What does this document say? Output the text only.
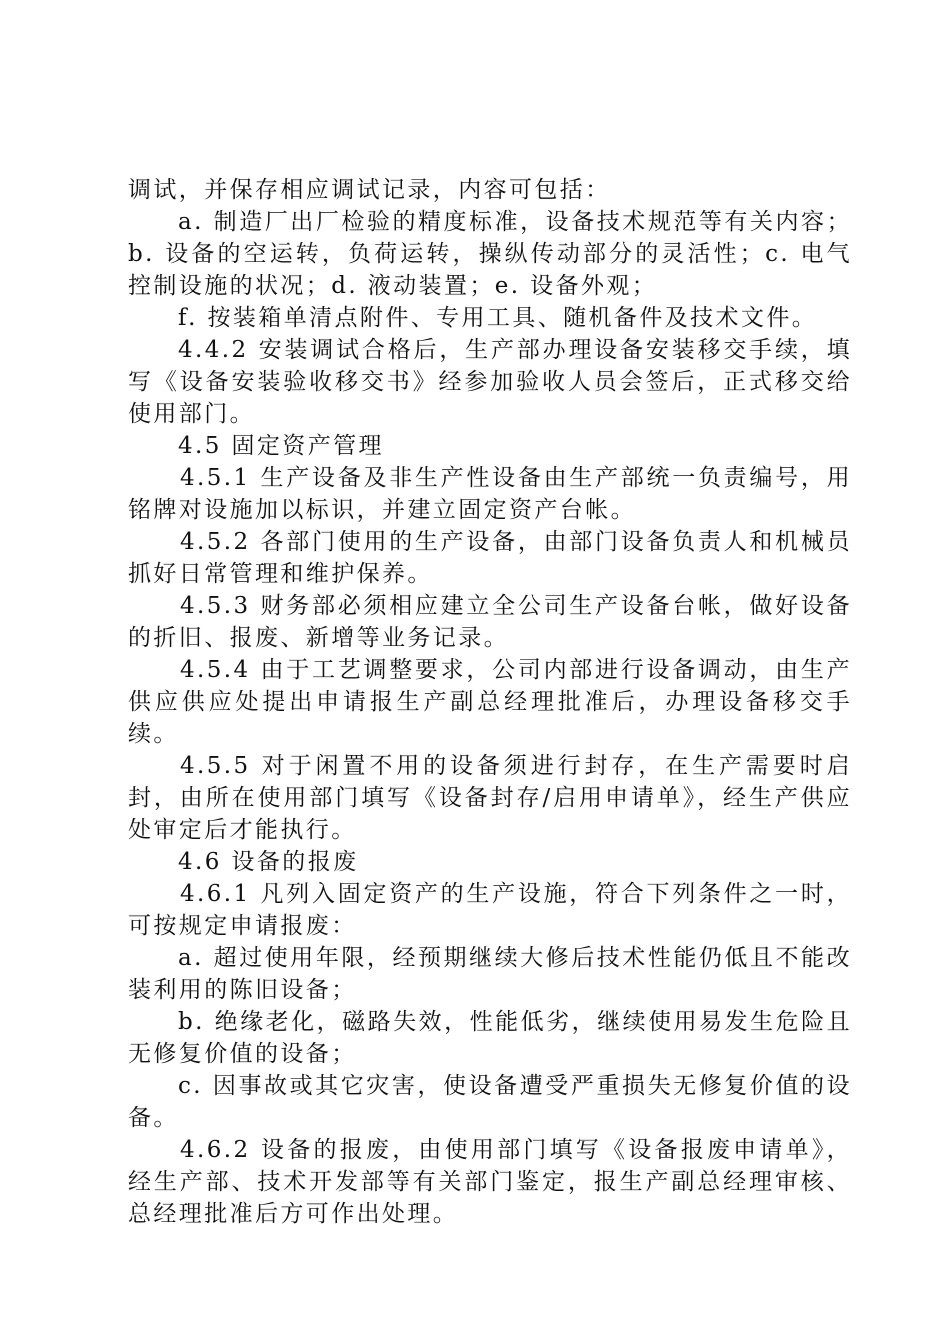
调试，并保存相应调试记录，内容可包括：

a. 制造厂出厂检验的精度标准，设备技术规范等有关内容；b. 设备的空运转，负荷运转，操纵传动部分的灵活性；c. 电气控制设施的状况；d. 液动装置；e. 设备外观；

f. 按装箱单清点附件、专用工具、随机备件及技术文件。

4.4.2 安装调试合格后，生产部办理设备安装移交手续，填写《设备安装验收移交书》经参加验收人员会签后，正式移交给使用部门。

4.5 固定资产管理

4.5.1 生产设备及非生产性设备由生产部统一负责编号，用铭牌对设施加以标识，并建立固定资产台帐。

4.5.2 各部门使用的生产设备，由部门设备负责人和机械员抓好日常管理和维护保养。

4.5.3 财务部必须相应建立全公司生产设备台帐，做好设备的折旧、报废、新增等业务记录。

4.5.4 由于工艺调整要求，公司内部进行设备调动，由生产供应供应处提出申请报生产副总经理批准后，办理设备移交手续。

4.5.5 对于闲置不用的设备须进行封存，在生产需要时启封，由所在使用部门填写《设备封存/启用申请单》，经生产供应处审定后才能执行。

4.6 设备的报废

4.6.1 凡列入固定资产的生产设施，符合下列条件之一时，可按规定申请报废：

a. 超过使用年限，经预期继续大修后技术性能仍低且不能改装利用的陈旧设备；

b. 绝缘老化，磁路失效，性能低劣，继续使用易发生危险且无修复价值的设备；

c. 因事故或其它灾害，使设备遭受严重损失无修复价值的设备。

4.6.2 设备的报废，由使用部门填写《设备报废申请单》，经生产部、技术开发部等有关部门鉴定，报生产副总经理审核、总经理批准后方可作出处理。
